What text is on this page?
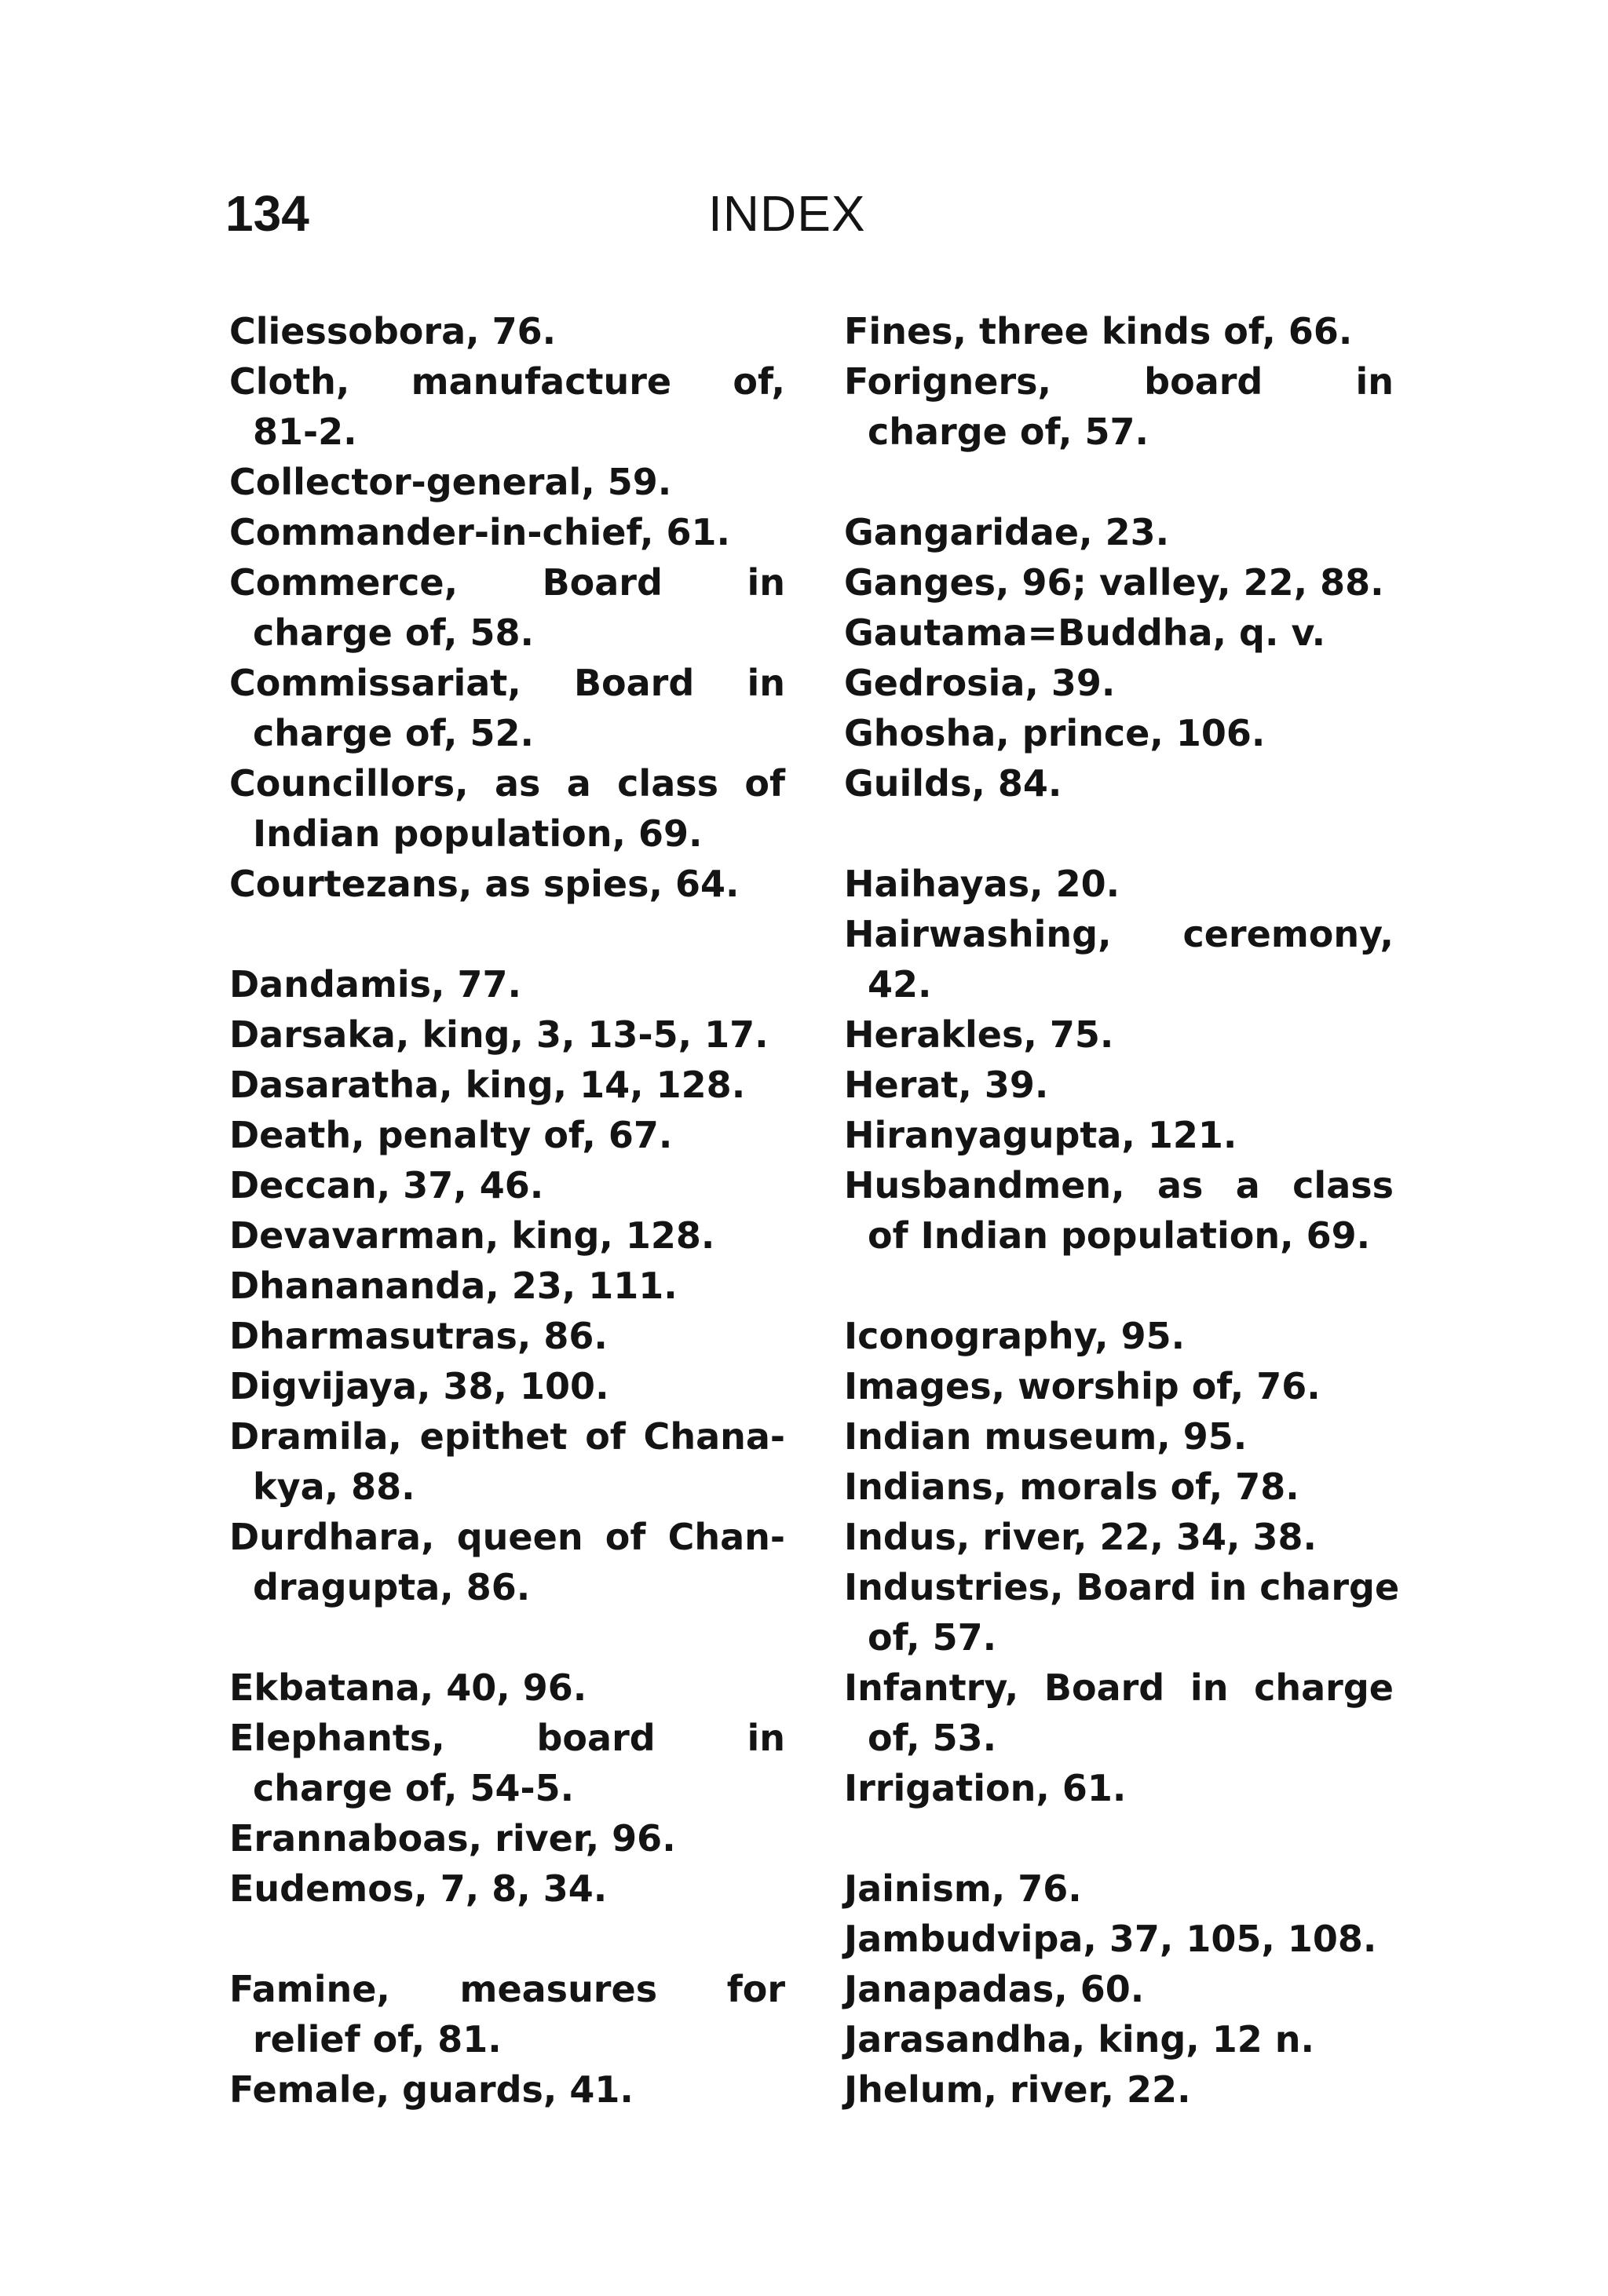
134	INDEX
Cliessobora, 76.
Cloth, manufacture of,
81-2.
Collector-general, 59.
Commander-in-chief, 61.
Commerce, Board in
charge of, 58.
Commissariat, Board in
charge of, 52.
Councillors, as a class of
Indian population, 69.
Courtezans, as spies, 64.
Dandamis, 77.
Darsaka, king, 3, 13-5, 17.
Dasaratha, king, 14, 128.
Death, penalty of, 67.
Deccan, 37, 46.
Devavarman, king, 128.
Dhanananda, 23, 111.
Dharmasutras, 86.
Digvijaya, 38, 100.
Dramila, epithet of Chana-
kya, 88.
Durdhara, queen of Chan-
dragupta, 86.
Ekbatana, 40, 96.
Elephants, board in
charge of, 54-5.
Erannaboas, river, 96.
Eudemos, 7, 8, 34.
Famine, measures for
relief of, 81.
Female, guards, 41.
Fines, three kinds of, 66.
Forigners, board in
charge of, 57.
Gangaridae, 23.
Ganges, 96; valley, 22, 88.
Gautama=Buddha, q. v.
Gedrosia, 39.
Ghosha, prince, 106.
Guilds, 84.
Haihayas, 20.
Hairwashing, ceremony,
42.
Herakles, 75.
Herat, 39.
Hiranyagupta, 121.
Husbandmen, as a class
of Indian population, 69.
Iconography, 95.
Images, worship of, 76.
Indian museum, 95.
Indians, morals of, 78.
Indus, river, 22, 34, 38.
Industries, Board in charge
of, 57.
Infantry, Board in charge
of, 53.
Irrigation, 61.
Jainism, 76.
Jambudvipa, 37, 105, 108.
Janapadas, 60.
Jarasandha, king, 12 n.
Jhelum, river, 22.
